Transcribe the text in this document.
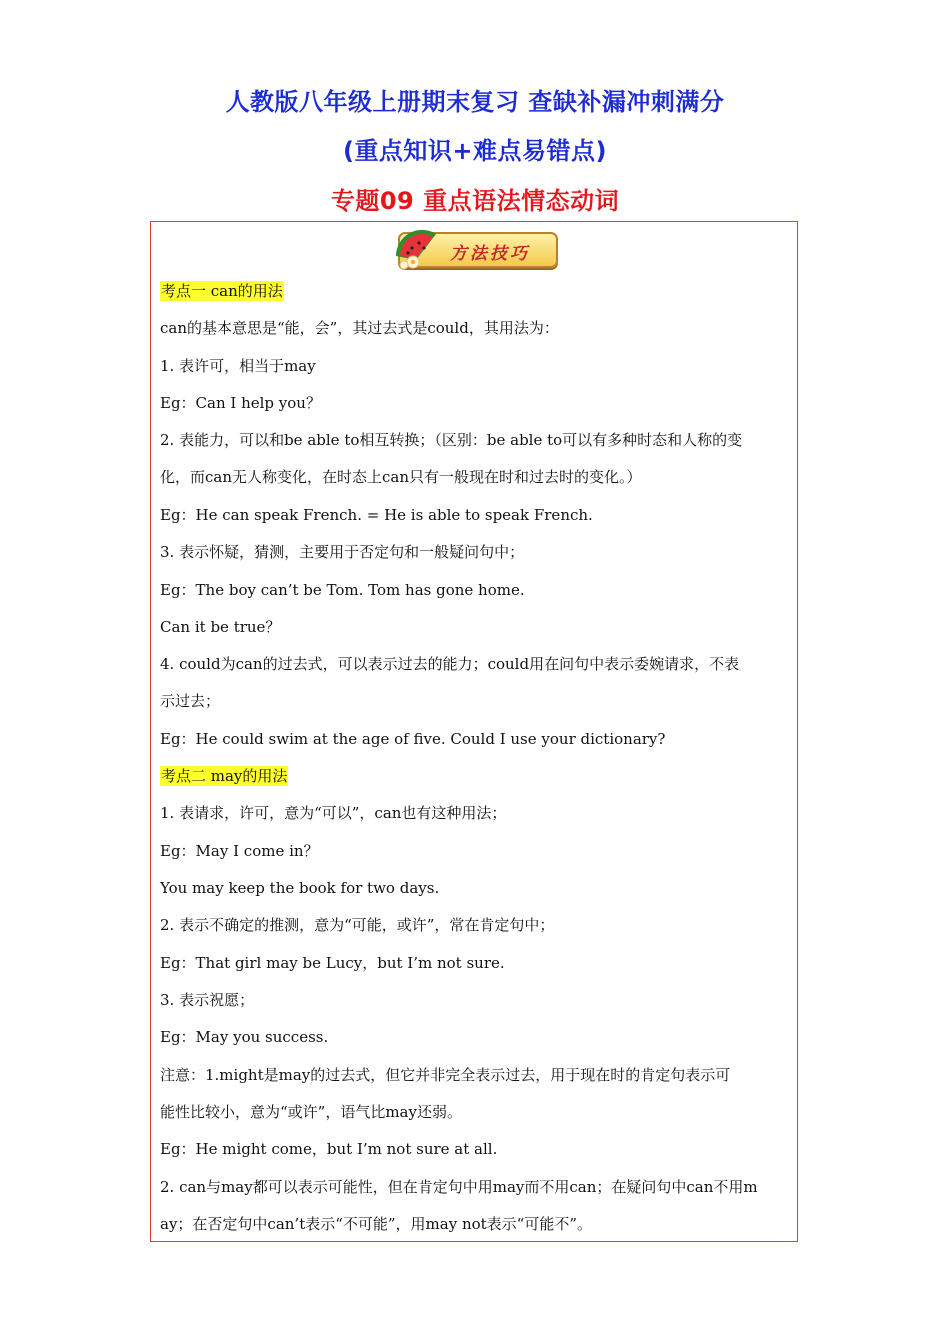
人教版八年级上册期末复习 查缺补漏冲刺满分
(重点知识+难点易错点)
专题09 重点语法情态动词
方法技巧
考点一 can的用法
can的基本意思是“能，会”，其过去式是could，其用法为：
1. 表许可，相当于may
Eg：Can I help you？
2. 表能力，可以和be able to相互转换；（区别：be able to可以有多种时态和人称的变
化，而can无人称变化，在时态上can只有一般现在时和过去时的变化。）
Eg：He can speak French. = He is able to speak French.
3. 表示怀疑，猜测，主要用于否定句和一般疑问句中；
Eg：The boy can’t be Tom. Tom has gone home.
Can it be true？
4. could为can的过去式，可以表示过去的能力；could用在问句中表示委婉请求，不表
示过去；
Eg：He could swim at the age of five. Could I use your dictionary?
考点二 may的用法
1. 表请求，许可，意为“可以”，can也有这种用法；
Eg：May I come in？
You may keep the book for two days.
2. 表示不确定的推测，意为“可能，或许”，常在肯定句中；
Eg：That girl may be Lucy，but I’m not sure.
3. 表示祝愿；
Eg：May you success.
注意：1.might是may的过去式，但它并非完全表示过去，用于现在时的肯定句表示可
能性比较小，意为“或许”，语气比may还弱。
Eg：He might come，but I’m not sure at all.
2. can与may都可以表示可能性，但在肯定句中用may而不用can；在疑问句中can不用m
ay；在否定句中can’t表示“不可能”，用may not表示“可能不”。
